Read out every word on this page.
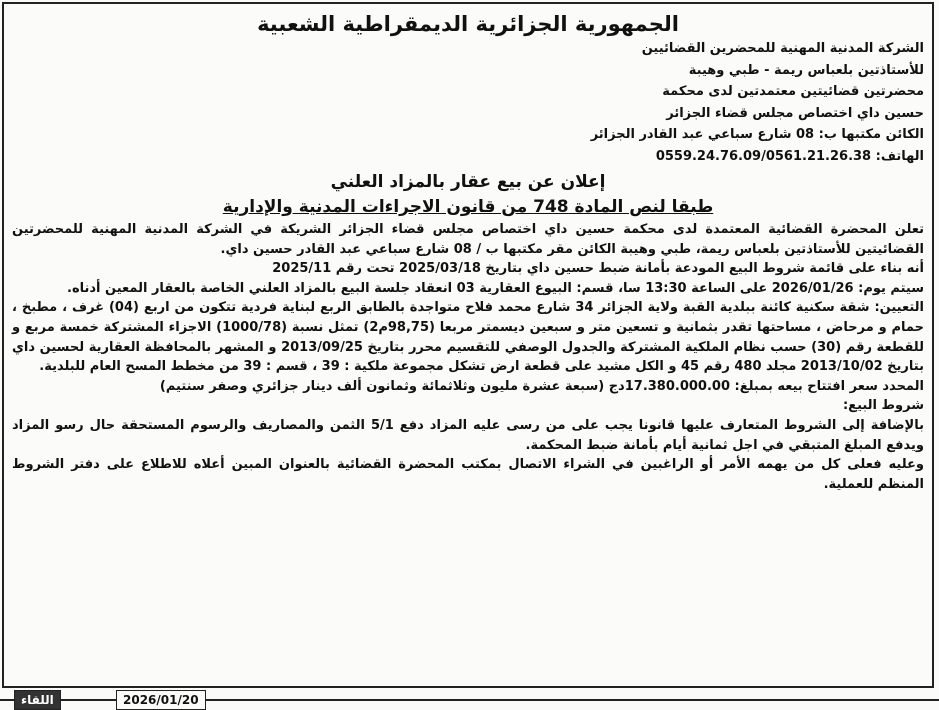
الجمهورية الجزائرية الديمقراطية الشعبية
الشركة المدنية المهنية للمحضرين القضائيين
للأستاذتين بلعباس ريمة - طبي وهيبة
محضرتين قضائيتين معتمدتين لدى محكمة
حسين داي اختصاص مجلس قضاء الجزائر
الكائن مكتبها ب: 08 شارع سباعي عبد القادر الجزائر
الهاتف: 0559.24.76.09/0561.21.26.38
إعلان عن بيع عقار بالمزاد العلني
طبقا لنص المادة 748 من قانون الاجراءات المدنية والإدارية

تعلن المحضرة القضائية المعتمدة لدى محكمة حسين داي اختصاص مجلس قضاء الجزائر الشريكة في الشركة المدنية المهنية للمحضرتين القضائيتين للأستاذتين بلعباس ريمة، طبي وهيبة الكائن مقر مكتبها ب / 08 شارع سباعي عبد القادر حسين داي.

أنه بناء على قائمة شروط البيع المودعة بأمانة ضبط حسين داي بتاريخ 2025/03/18 تحت رقم 2025/11

سيتم يوم: 2026/01/26 على الساعة 13:30 سا، قسم: البيوع العقارية 03 انعقاد جلسة البيع بالمزاد العلني الخاصة بالعقار المعين أدناه.

التعيين: شقة سكنية كائنة ببلدية القبة ولاية الجزائر 34 شارع محمد فلاح متواجدة بالطابق الربع لبناية فردية تتكون من اربع (04) غرف ، مطبخ ، حمام و مرحاض ، مساحتها تقدر بثمانية و تسعين متر و سبعين ديسمتر مربعا (98,75م2) تمثل نسبة (1000/78) الاجزاء المشتركة خمسة مربع و للقطعة رقم (30) حسب نظام الملكية المشتركة والجدول الوصفي للتقسيم محرر بتاريخ 2013/09/25 و المشهر بالمحافظة العقارية لحسين داي بتاريخ 2013/10/02 مجلد 480 رقم 45 و الكل مشيد على قطعة ارض تشكل مجموعة ملكية : 39 ، قسم : 39 من مخطط المسح العام للبلدية.

المحدد سعر افتتاح بيعه بمبلغ: 17.380.000.00دج (سبعة عشرة مليون وثلاثمائة وثمانون ألف دينار جزائري وصفر سنتيم)

شروط البيع:

بالإضافة إلى الشروط المتعارف عليها قانونا يجب على من رسى عليه المزاد دفع 5/1 الثمن والمصاريف والرسوم المستحقة حال رسو المزاد ويدفع المبلغ المتبقي في اجل ثمانية أيام بأمانة ضبط المحكمة.

وعليه فعلى كل من يهمه الأمر أو الراغبين في الشراء الاتصال بمكتب المحضرة القضائية بالعنوان المبين أعلاه للاطلاع على دفتر الشروط المنظم للعملية.

2026/01/20
اللقاء
